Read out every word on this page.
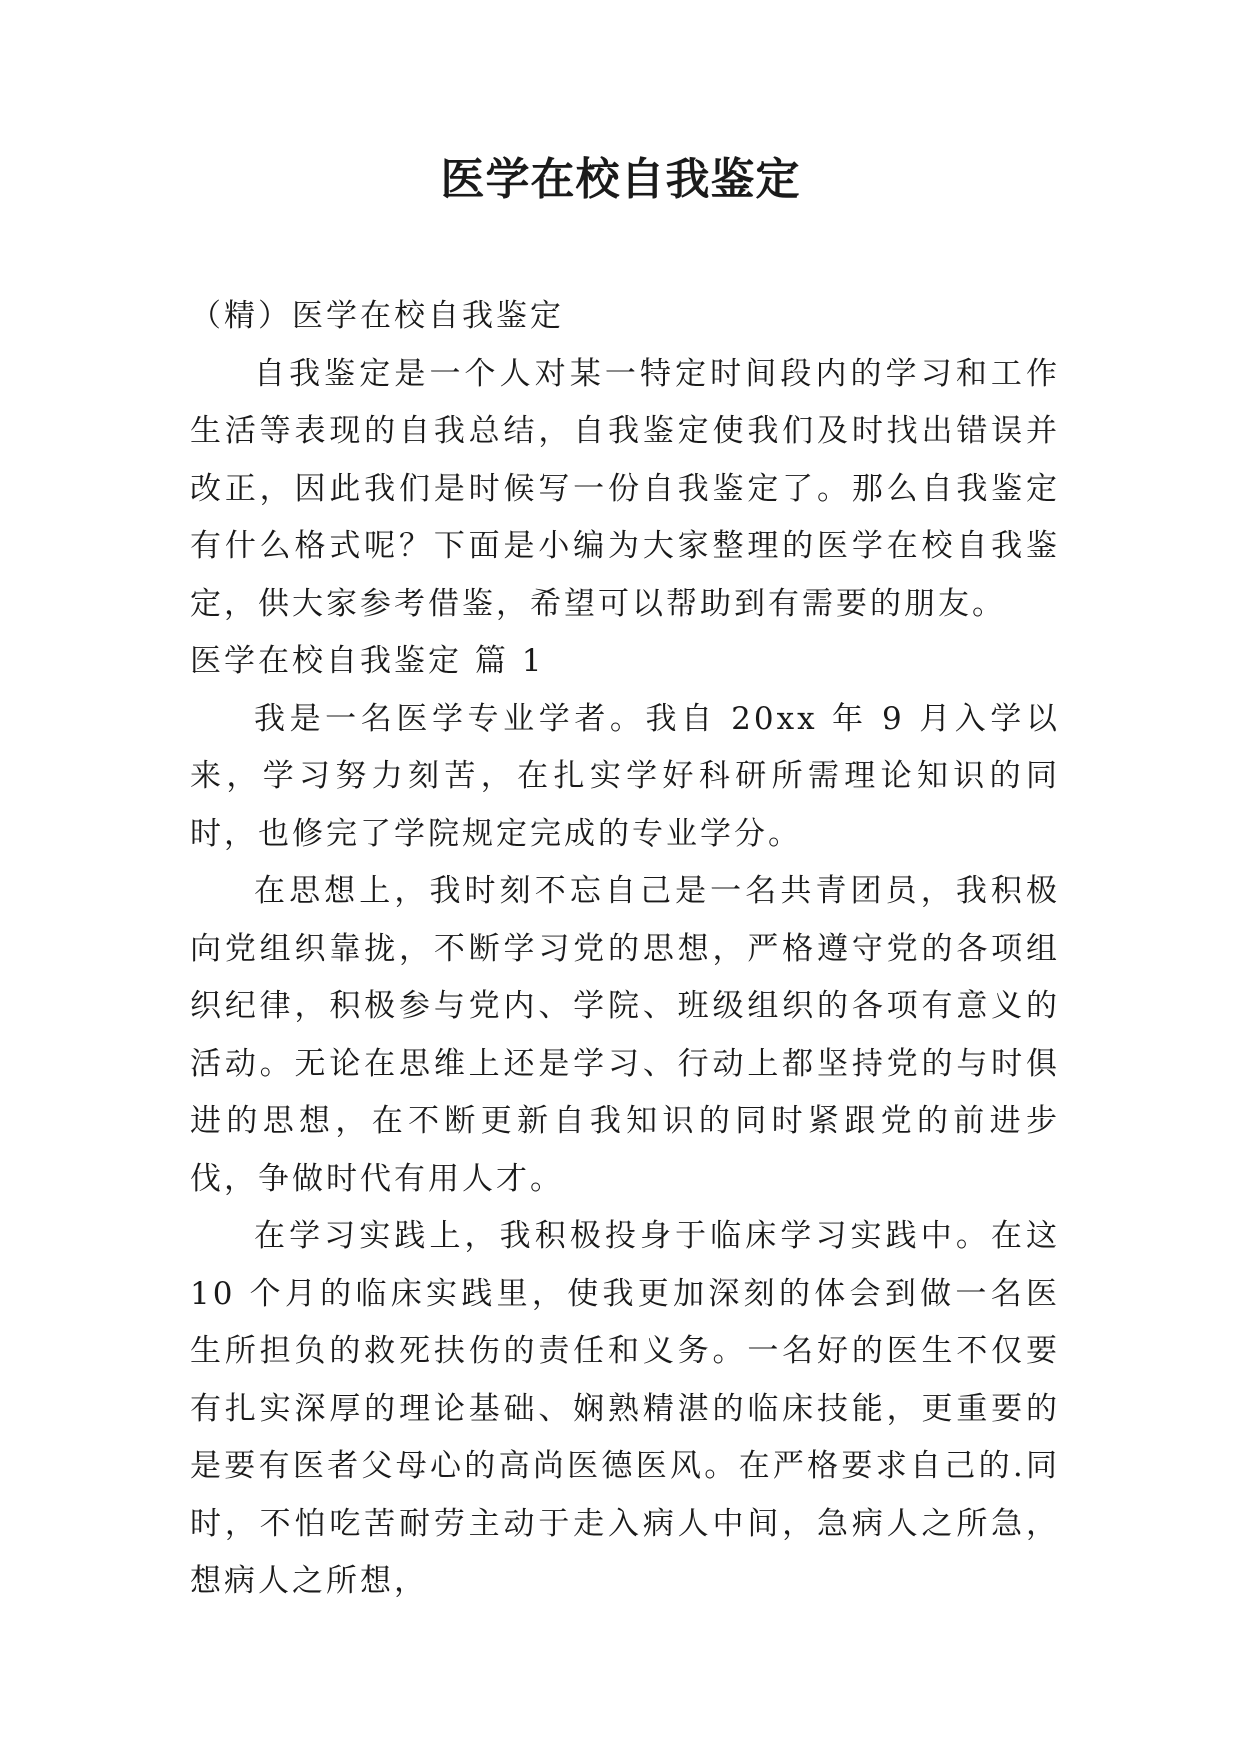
医学在校自我鉴定

（精）医学在校自我鉴定

自我鉴定是一个人对某一特定时间段内的学习和工作生活等表现的自我总结，自我鉴定使我们及时找出错误并改正，因此我们是时候写一份自我鉴定了。那么自我鉴定有什么格式呢？下面是小编为大家整理的医学在校自我鉴定，供大家参考借鉴，希望可以帮助到有需要的朋友。

医学在校自我鉴定 篇 1

我是一名医学专业学者。我自 20xx 年 9 月入学以来，学习努力刻苦，在扎实学好科研所需理论知识的同时，也修完了学院规定完成的专业学分。

在思想上，我时刻不忘自己是一名共青团员，我积极向党组织靠拢，不断学习党的思想，严格遵守党的各项组织纪律，积极参与党内、学院、班级组织的各项有意义的活动。无论在思维上还是学习、行动上都坚持党的与时俱进的思想，在不断更新自我知识的同时紧跟党的前进步伐，争做时代有用人才。

在学习实践上，我积极投身于临床学习实践中。在这 10 个月的临床实践里，使我更加深刻的体会到做一名医生所担负的救死扶伤的责任和义务。一名好的医生不仅要有扎实深厚的理论基础、娴熟精湛的临床技能，更重要的是要有医者父母心的高尚医德医风。在严格要求自己的.同时，不怕吃苦耐劳主动于走入病人中间，急病人之所急，想病人之所想，
